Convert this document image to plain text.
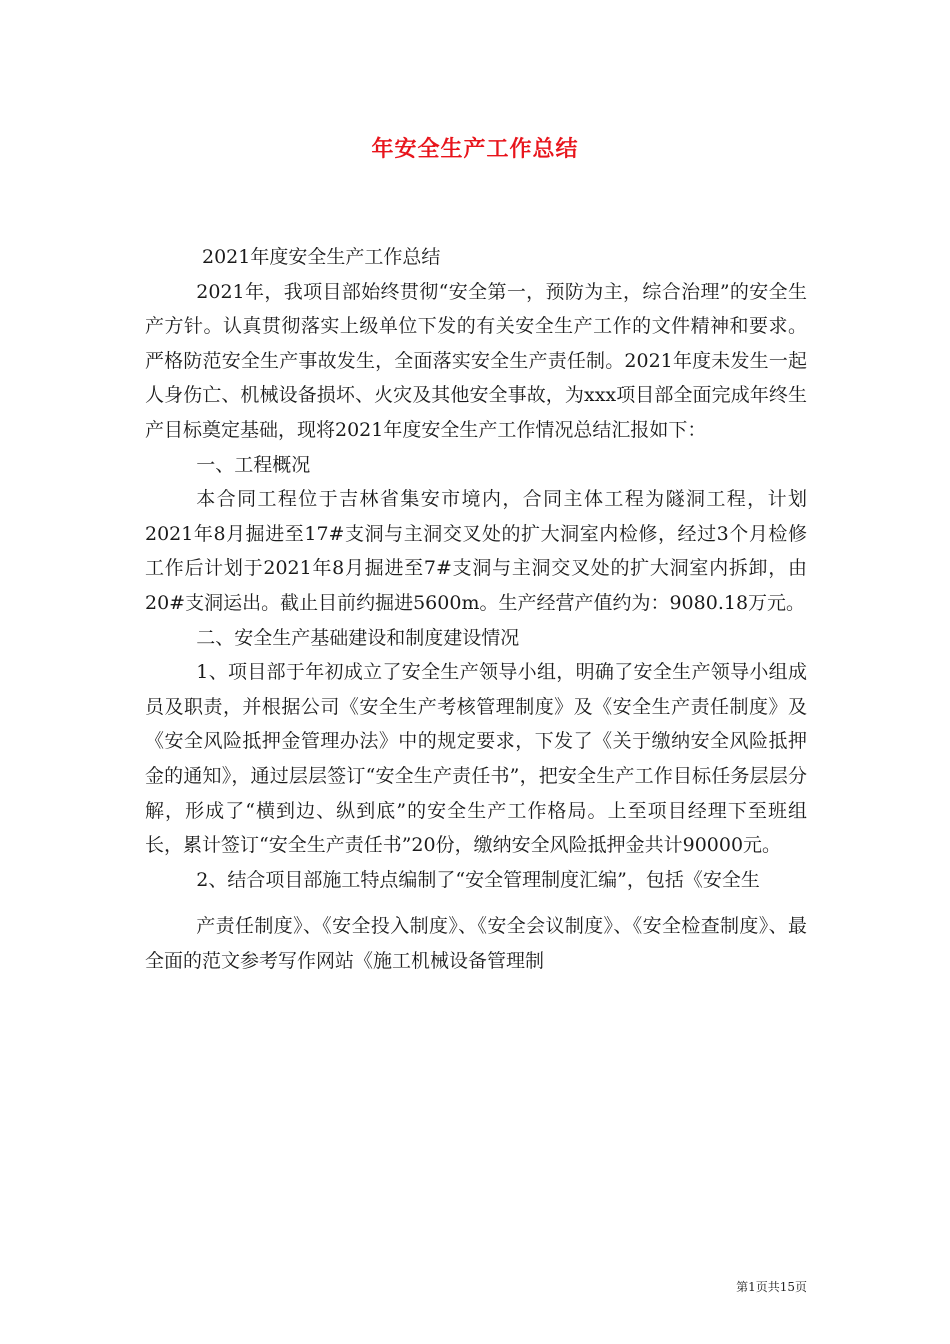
年安全生产工作总结

2021年度安全生产工作总结

2021年，我项目部始终贯彻“安全第一，预防为主，综合治理”的安全生产方针。认真贯彻落实上级单位下发的有关安全生产工作的文件精神和要求。严格防范安全生产事故发生，全面落实安全生产责任制。2021年度未发生一起人身伤亡、机械设备损坏、火灾及其他安全事故，为xxx项目部全面完成年终生产目标奠定基础，现将2021年度安全生产工作情况总结汇报如下：

一、工程概况

本合同工程位于吉林省集安市境内，合同主体工程为隧洞工程，计划2021年8月掘进至17#支洞与主洞交叉处的扩大洞室内检修，经过3个月检修工作后计划于2021年8月掘进至7#支洞与主洞交叉处的扩大洞室内拆卸，由20#支洞运出。截止目前约掘进5600m。生产经营产值约为：9080.18万元。

二、安全生产基础建设和制度建设情况

1、项目部于年初成立了安全生产领导小组，明确了安全生产领导小组成员及职责，并根据公司《安全生产考核管理制度》及《安全生产责任制度》及《安全风险抵押金管理办法》中的规定要求，下发了《关于缴纳安全风险抵押金的通知》，通过层层签订“安全生产责任书”，把安全生产工作目标任务层层分解，形成了“横到边、纵到底”的安全生产工作格局。上至项目经理下至班组长，累计签订“安全生产责任书”20份，缴纳安全风险抵押金共计90000元。

2、结合项目部施工特点编制了“安全管理制度汇编”，包括《安全生

产责任制度》、《安全投入制度》、《安全会议制度》、《安全检查制度》、最全面的范文参考写作网站《施工机械设备管理制

第1页共15页
